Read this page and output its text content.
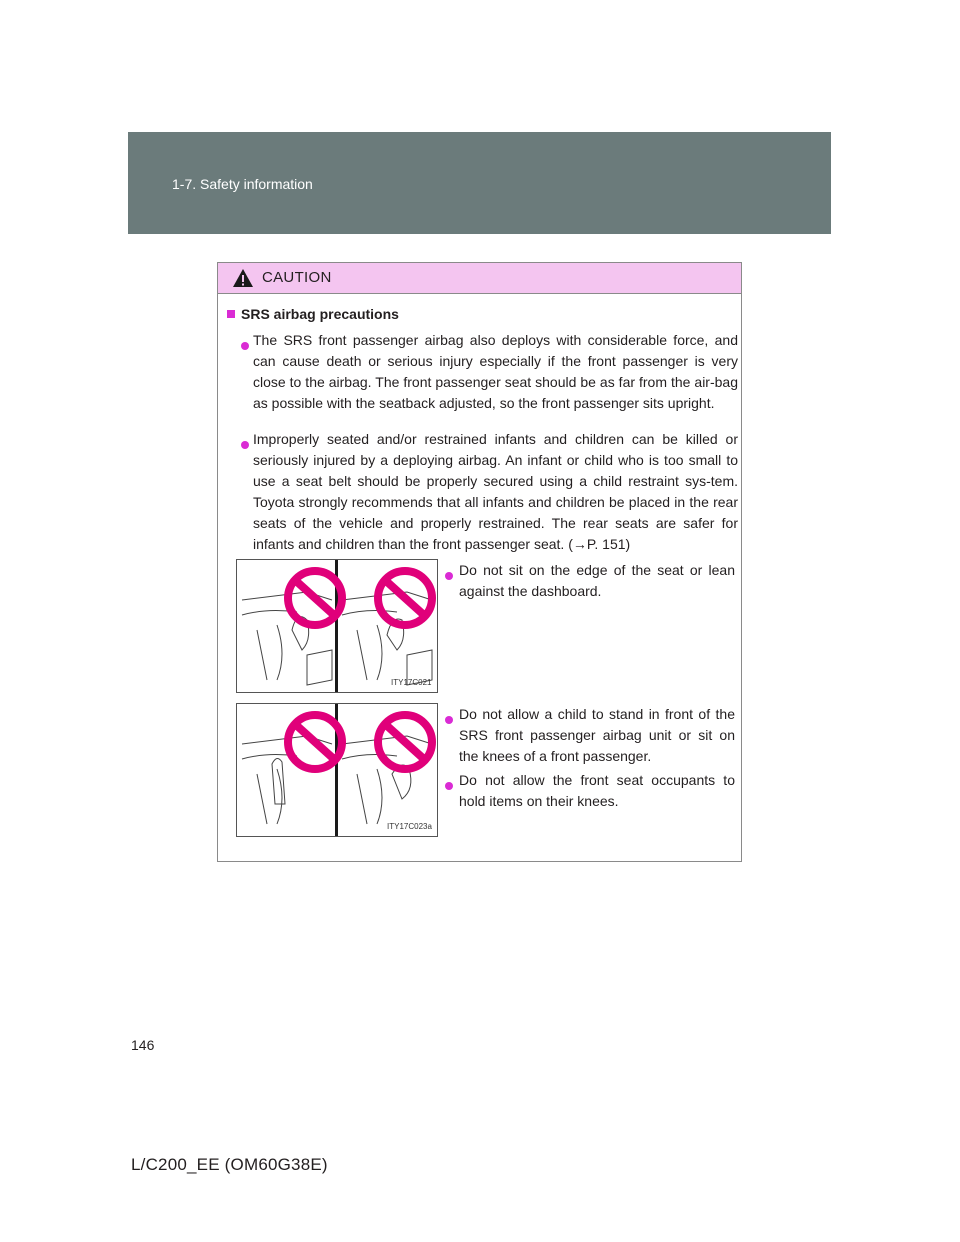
1-7. Safety information
CAUTION
SRS airbag precautions

The SRS front passenger airbag also deploys with considerable force, and can cause death or serious injury especially if the front passenger is very close to the airbag. The front passenger seat should be as far from the air-bag as possible with the seatback adjusted, so the front passenger sits upright.

Improperly seated and/or restrained infants and children can be killed or seriously injured by a deploying airbag. An infant or child who is too small to use a seat belt should be properly secured using a child restraint sys-tem. Toyota strongly recommends that all infants and children be placed in the rear seats of the vehicle and properly restrained. The rear seats are safer for infants and children than the front passenger seat. (→P. 151)

ITY17C021

Do not sit on the edge of the seat or lean against the dashboard.

ITY17C023a

Do not allow a child to stand in front of the SRS front passenger airbag unit or sit on the knees of a front passenger.

Do not allow the front seat occupants to hold items on their knees.

146
L/C200_EE (OM60G38E)
